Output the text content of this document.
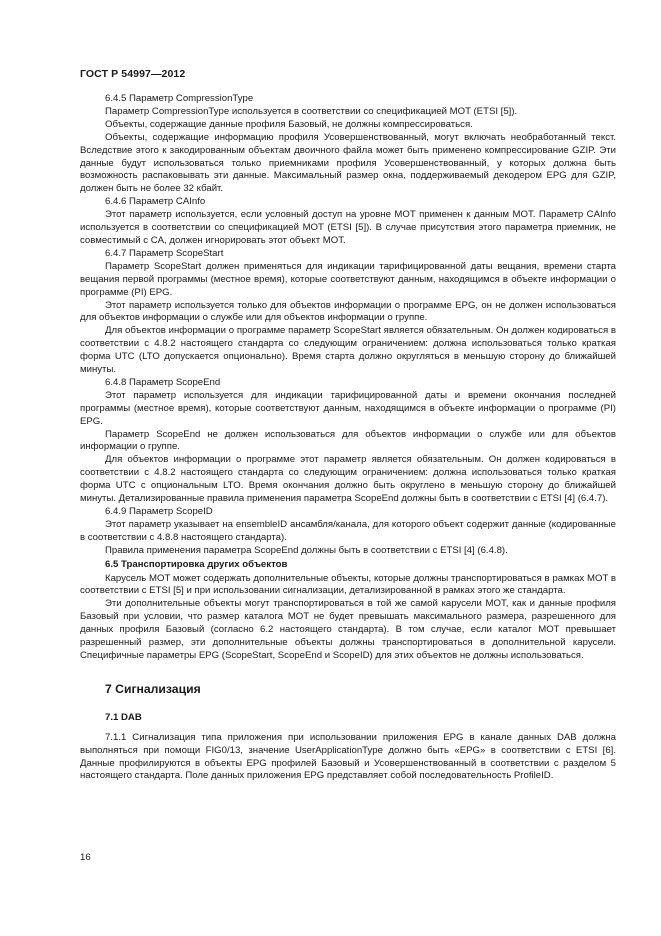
ГОСТ Р 54997—2012

6.4.5 Параметр CompressionType

Параметр CompressionType используется в соответствии со спецификацией MOT (ETSI [5]).

Объекты, содержащие данные профиля Базовый, не должны компрессироваться.

Объекты, содержащие информацию профиля Усовершенствованный, могут включать необработанный текст. Вследствие этого к закодированным объектам двоичного файла может быть применено компрессирование GZIP. Эти данные будут использоваться только приемниками профиля Усовершенствованный, у которых должна быть возможность распаковывать эти данные. Максимальный размер окна, поддерживаемый декодером EPG для GZIP, должен быть не более 32 кбайт.

6.4.6 Параметр CAInfo

Этот параметр используется, если условный доступ на уровне MOT применен к данным MOT. Параметр CAInfo используется в соответствии со спецификацией MOT (ETSI [5]). В случае присутствия этого параметра приемник, не совместимый с CA, должен игнорировать этот объект MOT.

6.4.7 Параметр ScopeStart

Параметр ScopeStart должен применяться для индикации тарифицированной даты вещания, времени старта вещания первой программы (местное время), которые соответствуют данным, находящимся в объекте информации о программе (PI) EPG.

Этот параметр используется только для объектов информации о программе EPG, он не должен использоваться для объектов информации о службе или для объектов информации о группе.

Для объектов информации о программе параметр ScopeStart является обязательным. Он должен кодироваться в соответствии с 4.8.2 настоящего стандарта со следующим ограничением: должна использоваться только краткая форма UTC (LTO допускается опционально). Время старта должно округляться в меньшую сторону до ближайшей минуты.

6.4.8 Параметр ScopeEnd

Этот параметр используется для индикации тарифицированной даты и времени окончания последней программы (местное время), которые соответствуют данным, находящимся в объекте информации о программе (PI) EPG.

Параметр ScopeEnd не должен использоваться для объектов информации о службе или для объектов информации о группе.

Для объектов информации о программе этот параметр является обязательным. Он должен кодироваться в соответствии с 4.8.2 настоящего стандарта со следующим ограничением: должна использоваться только краткая форма UTC с опциональным LTO. Время окончания должно быть округлено в меньшую сторону до ближайшей минуты. Детализированные правила применения параметра ScopeEnd должны быть в соответствии с ETSI [4] (6.4.7).

6.4.9 Параметр ScopeID

Этот параметр указывает на ensembleID ансамбля/канала, для которого объект содержит данные (кодированные в соответствии с 4.8.8 настоящего стандарта).

Правила применения параметра ScopeEnd должны быть в соответствии с ETSI [4] (6.4.8).

6.5 Транспортировка других объектов

Карусель MOT может содержать дополнительные объекты, которые должны транспортироваться в рамках MOT в соответствии с ETSI [5] и при использовании сигнализации, детализированной в рамках этого же стандарта.

Эти дополнительные объекты могут транспортироваться в той же самой карусели MOT, как и данные профиля Базовый при условии, что размер каталога MOT не будет превышать максимального размера, разрешенного для данных профиля Базовый (согласно 6.2 настоящего стандарта). В том случае, если каталог MOT превышает разрешенный размер, эти дополнительные объекты должны транспортироваться в дополнительной карусели. Специфичные параметры EPG (ScopeStart, ScopeEnd и ScopeID) для этих объектов не должны использоваться.

7 Сигнализация
7.1 DAB

7.1.1 Сигнализация типа приложения при использовании приложения EPG в канале данных DAB должна выполняться при помощи FIG0/13, значение UserApplicationType должно быть «EPG» в соответствии с ETSI [6]. Данные профилируются в объекты EPG профилей Базовый и Усовершенствованный в соответствии с разделом 5 настоящего стандарта. Поле данных приложения EPG представляет собой последовательность ProfileID.

16
